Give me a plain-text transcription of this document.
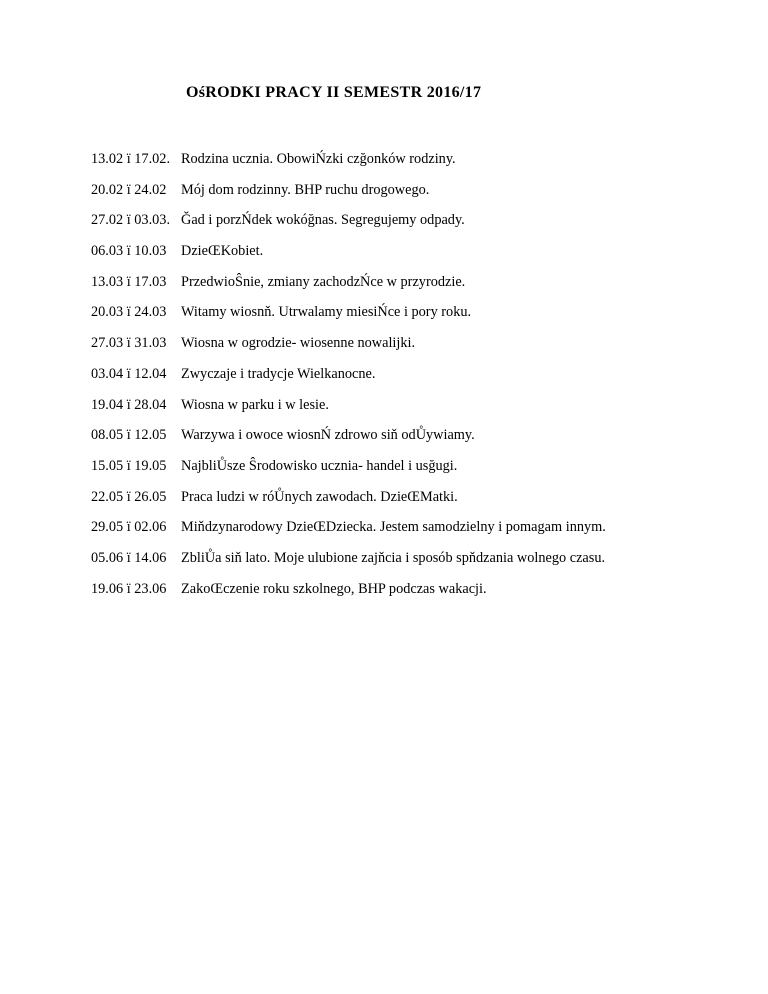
OśRODKI PRACY II SEMESTR 2016/17
13.02 ï 17.02. Rodzina ucznia. ObowiŃzki czğonków rodziny.
20.02 ï 24.02	Mój dom rodzinny. BHP ruchu drogowego.
27.02 ï 03.03. Ğad i porzŃdek wokóğnas. Segregujemy odpady.
06.03 ï 10.03	DzieŒKobiet.
13.03 ï 17.03	PrzedwioŜnie, zmiany zachodzŃce w przyrodzie.
20.03 ï 24.03	Witamy wiosnň. Utrwalamy miesiŃce i pory roku.
27.03 ï 31.03	Wiosna w ogrodzie- wiosenne nowalijki.
03.04 ï 12.04	Zwyczaje i tradycje Wielkanocne.
19.04 ï 28.04	Wiosna w parku i w lesie.
08.05 ï 12.05	Warzywa i owoce wiosnŃ zdrowo siň odŮywiamy.
15.05 ï 19.05	NajbliŮsze Ŝrodowisko ucznia- handel i usğugi.
22.05 ï 26.05	Praca ludzi w róŮnych zawodach. DzieŒMatki.
29.05 ï 02.06	Miňdzynarodowy DzieŒDziecka. Jestem samodzielny i pomagam innym.
05.06 ï 14.06	ZbliŮa siň lato. Moje ulubione zajňcia i sposób spňdzania wolnego czasu.
19.06 ï 23.06	ZakoŒczenie roku szkolnego, BHP podczas wakacji.
